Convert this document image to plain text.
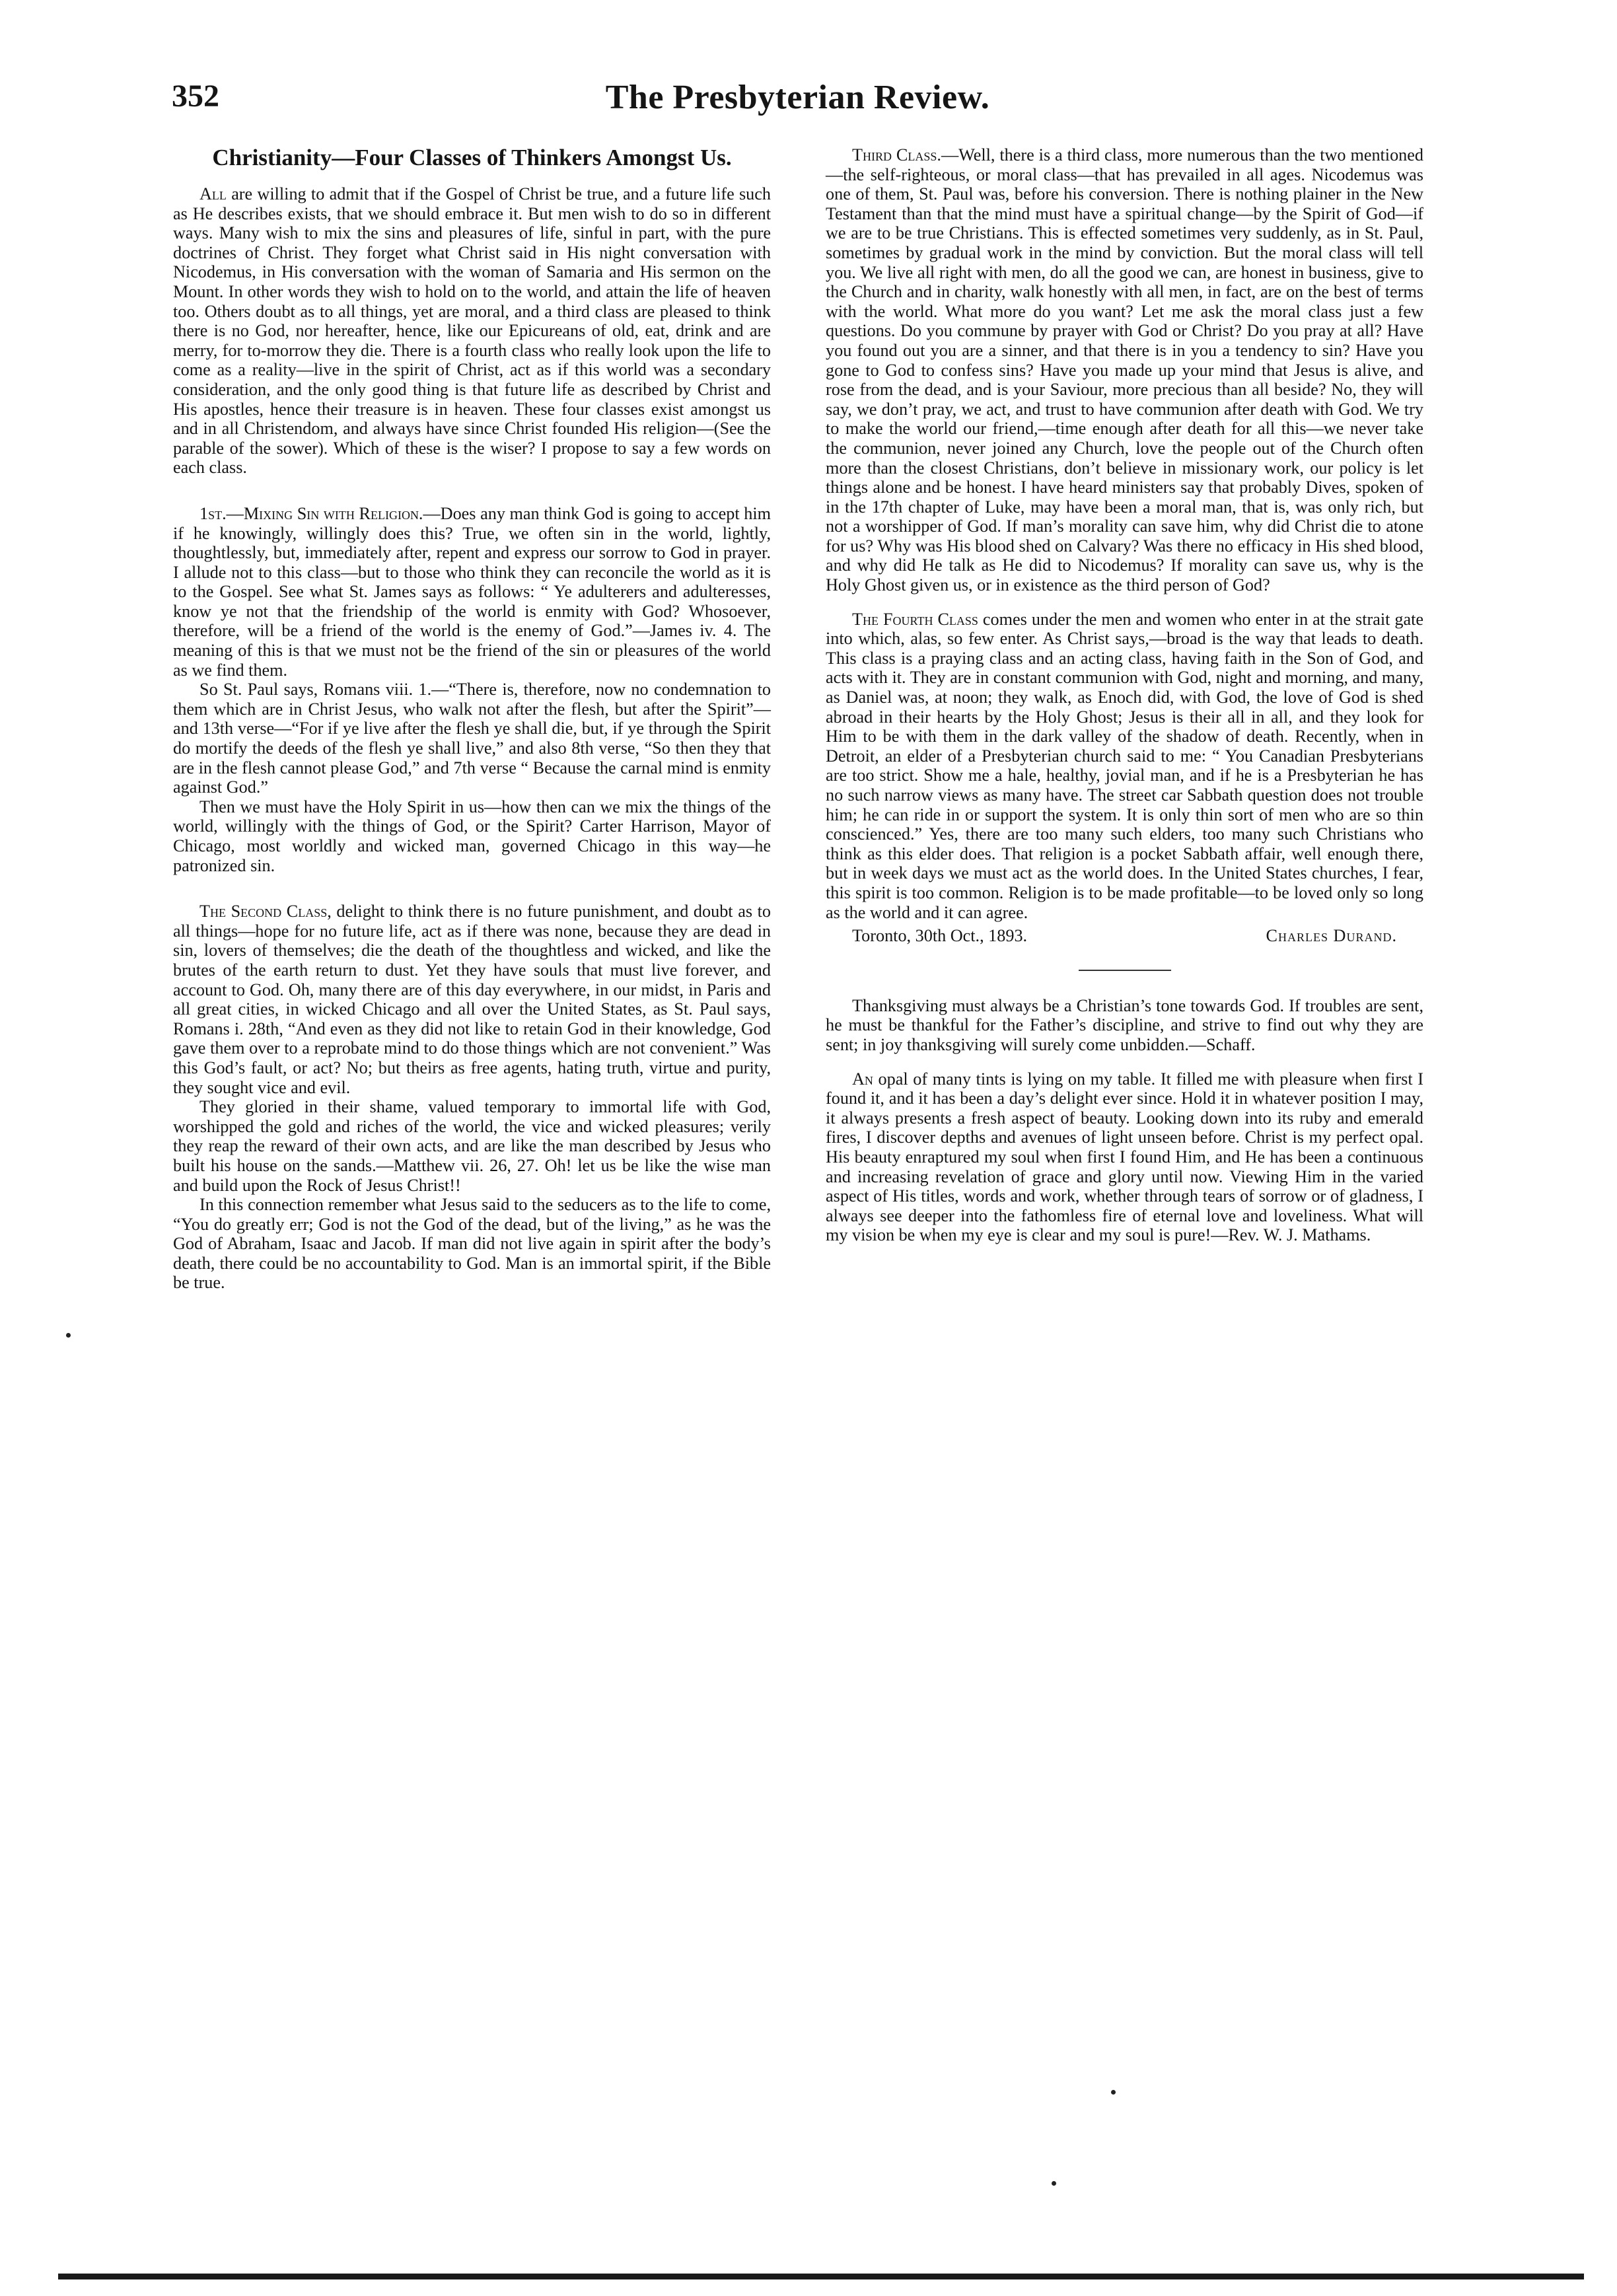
352	The Presbyterian Review.
Christianity—Four Classes of Thinkers Amongst Us.

All are willing to admit that if the Gospel of Christ be true, and a future life such as He describes exists, that we should embrace it. But men wish to do so in different ways. Many wish to mix the sins and pleasures of life, sinful in part, with the pure doctrines of Christ. They forget what Christ said in His night conversation with Nicodemus, in His conversation with the woman of Samaria and His sermon on the Mount. In other words they wish to hold on to the world, and attain the life of heaven too. Others doubt as to all things, yet are moral, and a third class are pleased to think there is no God, nor hereafter, hence, like our Epicureans of old, eat, drink and are merry, for to-morrow they die. There is a fourth class who really look upon the life to come as a reality—live in the spirit of Christ, act as if this world was a secondary consideration, and the only good thing is that future life as described by Christ and His apostles, hence their treasure is in heaven. These four classes exist amongst us and in all Christendom, and always have since Christ founded His religion—(See the parable of the sower). Which of these is the wiser? I propose to say a few words on each class.

1st.—Mixing Sin with Religion.—Does any man think God is going to accept him if he knowingly, willingly does this? True, we often sin in the world, lightly, thoughtlessly, but, immediately after, repent and express our sorrow to God in prayer. I allude not to this class—but to those who think they can reconcile the world as it is to the Gospel. See what St. James says as follows: “ Ye adulterers and adulteresses, know ye not that the friendship of the world is enmity with God? Whosoever, therefore, will be a friend of the world is the enemy of God.”—James iv. 4. The meaning of this is that we must not be the friend of the sin or pleasures of the world as we find them.

So St. Paul says, Romans viii. 1.—“There is, therefore, now no condemnation to them which are in Christ Jesus, who walk not after the flesh, but after the Spirit”—and 13th verse—“For if ye live after the flesh ye shall die, but, if ye through the Spirit do mortify the deeds of the flesh ye shall live,” and also 8th verse, “So then they that are in the flesh cannot please God,” and 7th verse “ Because the carnal mind is enmity against God.”

Then we must have the Holy Spirit in us—how then can we mix the things of the world, willingly with the things of God, or the Spirit? Carter Harrison, Mayor of Chicago, most worldly and wicked man, governed Chicago in this way—he patronized sin.

The Second Class, delight to think there is no future punishment, and doubt as to all things—hope for no future life, act as if there was none, because they are dead in sin, lovers of themselves; die the death of the thoughtless and wicked, and like the brutes of the earth return to dust. Yet they have souls that must live forever, and account to God. Oh, many there are of this day everywhere, in our midst, in Paris and all great cities, in wicked Chicago and all over the United States, as St. Paul says, Romans i. 28th, “And even as they did not like to retain God in their knowledge, God gave them over to a reprobate mind to do those things which are not convenient.” Was this God’s fault, or act? No; but theirs as free agents, hating truth, virtue and purity, they sought vice and evil.

They gloried in their shame, valued temporary to immortal life with God, worshipped the gold and riches of the world, the vice and wicked pleasures; verily they reap the reward of their own acts, and are like the man described by Jesus who built his house on the sands.—Matthew vii. 26, 27. Oh! let us be like the wise man and build upon the Rock of Jesus Christ!!

In this connection remember what Jesus said to the seducers as to the life to come, “You do greatly err; God is not the God of the dead, but of the living,” as he was the God of Abraham, Isaac and Jacob. If man did not live again in spirit after the body’s death, there could be no accountability to God. Man is an immortal spirit, if the Bible be true.

Third Class.—Well, there is a third class, more numerous than the two mentioned—the self-righteous, or moral class—that has prevailed in all ages. Nicodemus was one of them, St. Paul was, before his conversion. There is nothing plainer in the New Testament than that the mind must have a spiritual change—by the Spirit of God—if we are to be true Christians. This is effected sometimes very suddenly, as in St. Paul, sometimes by gradual work in the mind by conviction. But the moral class will tell you. We live all right with men, do all the good we can, are honest in business, give to the Church and in charity, walk honestly with all men, in fact, are on the best of terms with the world. What more do you want? Let me ask the moral class just a few questions. Do you commune by prayer with God or Christ? Do you pray at all? Have you found out you are a sinner, and that there is in you a tendency to sin? Have you gone to God to confess sins? Have you made up your mind that Jesus is alive, and rose from the dead, and is your Saviour, more precious than all beside? No, they will say, we don’t pray, we act, and trust to have communion after death with God. We try to make the world our friend,—time enough after death for all this—we never take the communion, never joined any Church, love the people out of the Church often more than the closest Christians, don’t believe in missionary work, our policy is let things alone and be honest. I have heard ministers say that probably Dives, spoken of in the 17th chapter of Luke, may have been a moral man, that is, was only rich, but not a worshipper of God. If man’s morality can save him, why did Christ die to atone for us? Why was His blood shed on Calvary? Was there no efficacy in His shed blood, and why did He talk as He did to Nicodemus? If morality can save us, why is the Holy Ghost given us, or in existence as the third person of God?

The Fourth Class comes under the men and women who enter in at the strait gate into which, alas, so few enter. As Christ says,—broad is the way that leads to death. This class is a praying class and an acting class, having faith in the Son of God, and acts with it. They are in constant communion with God, night and morning, and many, as Daniel was, at noon; they walk, as Enoch did, with God, the love of God is shed abroad in their hearts by the Holy Ghost; Jesus is their all in all, and they look for Him to be with them in the dark valley of the shadow of death. Recently, when in Detroit, an elder of a Presbyterian church said to me: “ You Canadian Presbyterians are too strict. Show me a hale, healthy, jovial man, and if he is a Presbyterian he has no such narrow views as many have. The street car Sabbath question does not trouble him; he can ride in or support the system. It is only thin sort of men who are so thin conscienced.” Yes, there are too many such elders, too many such Christians who think as this elder does. That religion is a pocket Sabbath affair, well enough there, but in week days we must act as the world does. In the United States churches, I fear, this spirit is too common. Religion is to be made profitable—to be loved only so long as the world and it can agree.

Toronto, 30th Oct., 1893.	Charles Durand.

Thanksgiving must always be a Christian’s tone towards God. If troubles are sent, he must be thankful for the Father’s discipline, and strive to find out why they are sent; in joy thanksgiving will surely come unbidden.—Schaff.

An opal of many tints is lying on my table. It filled me with pleasure when first I found it, and it has been a day’s delight ever since. Hold it in whatever position I may, it always presents a fresh aspect of beauty. Looking down into its ruby and emerald fires, I discover depths and avenues of light unseen before. Christ is my perfect opal. His beauty enraptured my soul when first I found Him, and He has been a continuous and increasing revelation of grace and glory until now. Viewing Him in the varied aspect of His titles, words and work, whether through tears of sorrow or of gladness, I always see deeper into the fathomless fire of eternal love and loveliness. What will my vision be when my eye is clear and my soul is pure!—Rev. W. J. Mathams.
